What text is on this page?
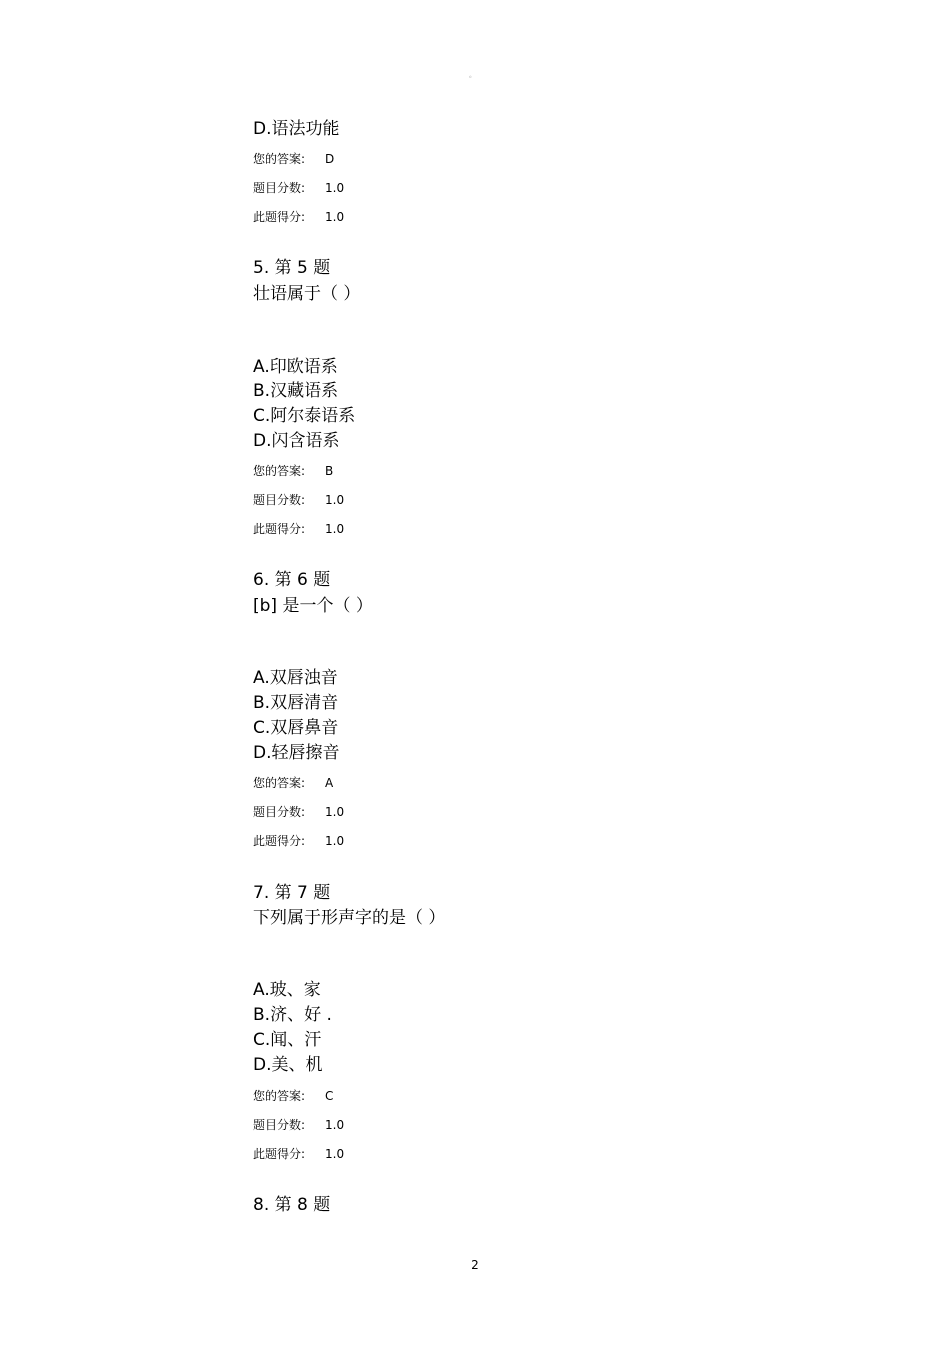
。
D.语法功能
您的答案: D
题目分数: 1.0
此题得分: 1.0
5. 第 5 题
壮语属于（ ）
A.印欧语系
B.汉藏语系
C.阿尔泰语系
D.闪含语系
您的答案: B
题目分数: 1.0
此题得分: 1.0
6. 第 6 题
[b] 是一个（ ）
A.双唇浊音
B.双唇清音
C.双唇鼻音
D.轻唇擦音
您的答案: A
题目分数: 1.0
此题得分: 1.0
7. 第 7 题
下列属于形声字的是（ ）
A.玻、家
B.济、好 .
C.闻、汗
D.美、机
您的答案: C
题目分数: 1.0
此题得分: 1.0
8. 第 8 题
2
